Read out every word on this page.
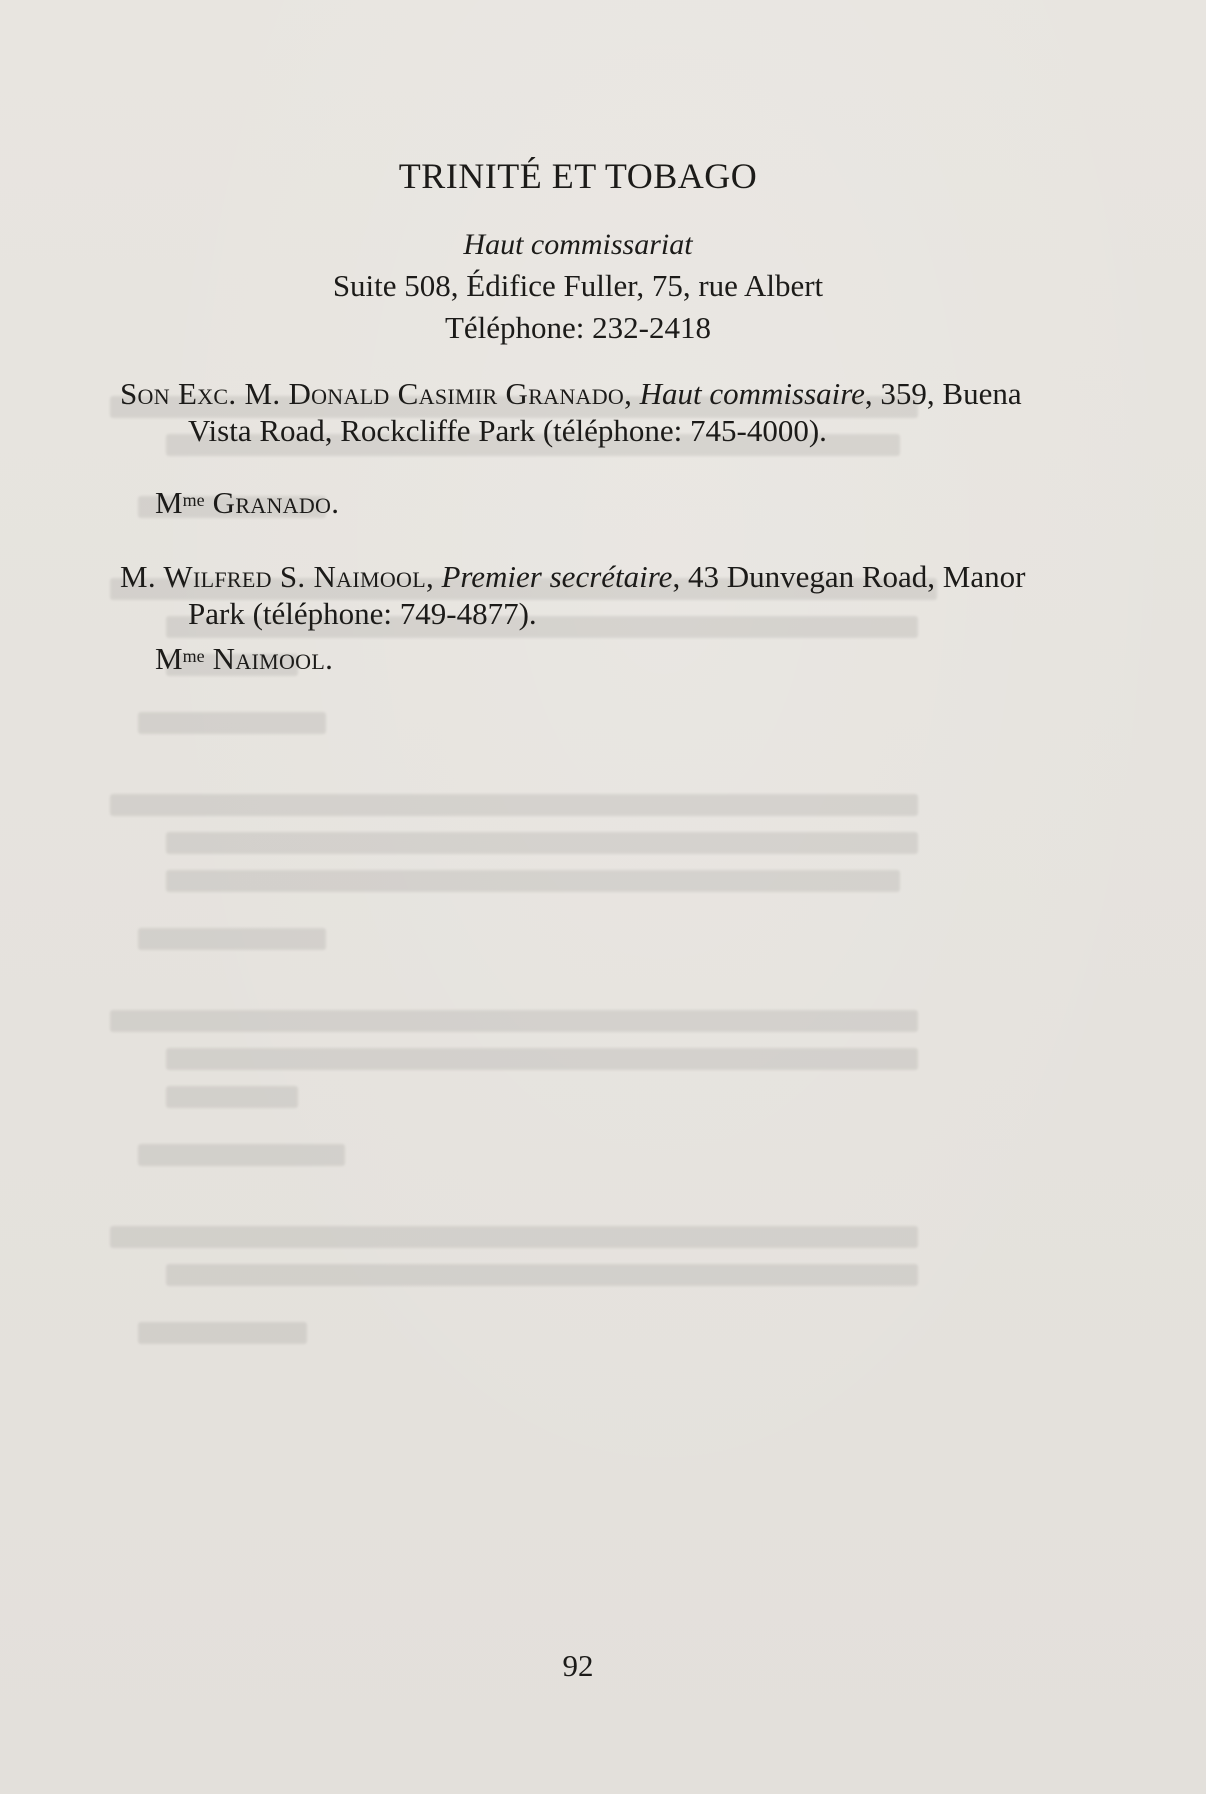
TRINITÉ ET TOBAGO
Haut commissariat
Suite 508, Édifice Fuller, 75, rue Albert
Téléphone: 232-2418
Son Exc. M. Donald Casimir Granado, Haut commissaire, 359, Buena Vista Road, Rockcliffe Park (téléphone: 745-4000).
$M^{me}$ Granado.
M. Wilfred S. Naimool, Premier secrétaire, 43 Dunvegan Road, Manor Park (téléphone: 749-4877).
$M^{me}$ Naimool.
92
